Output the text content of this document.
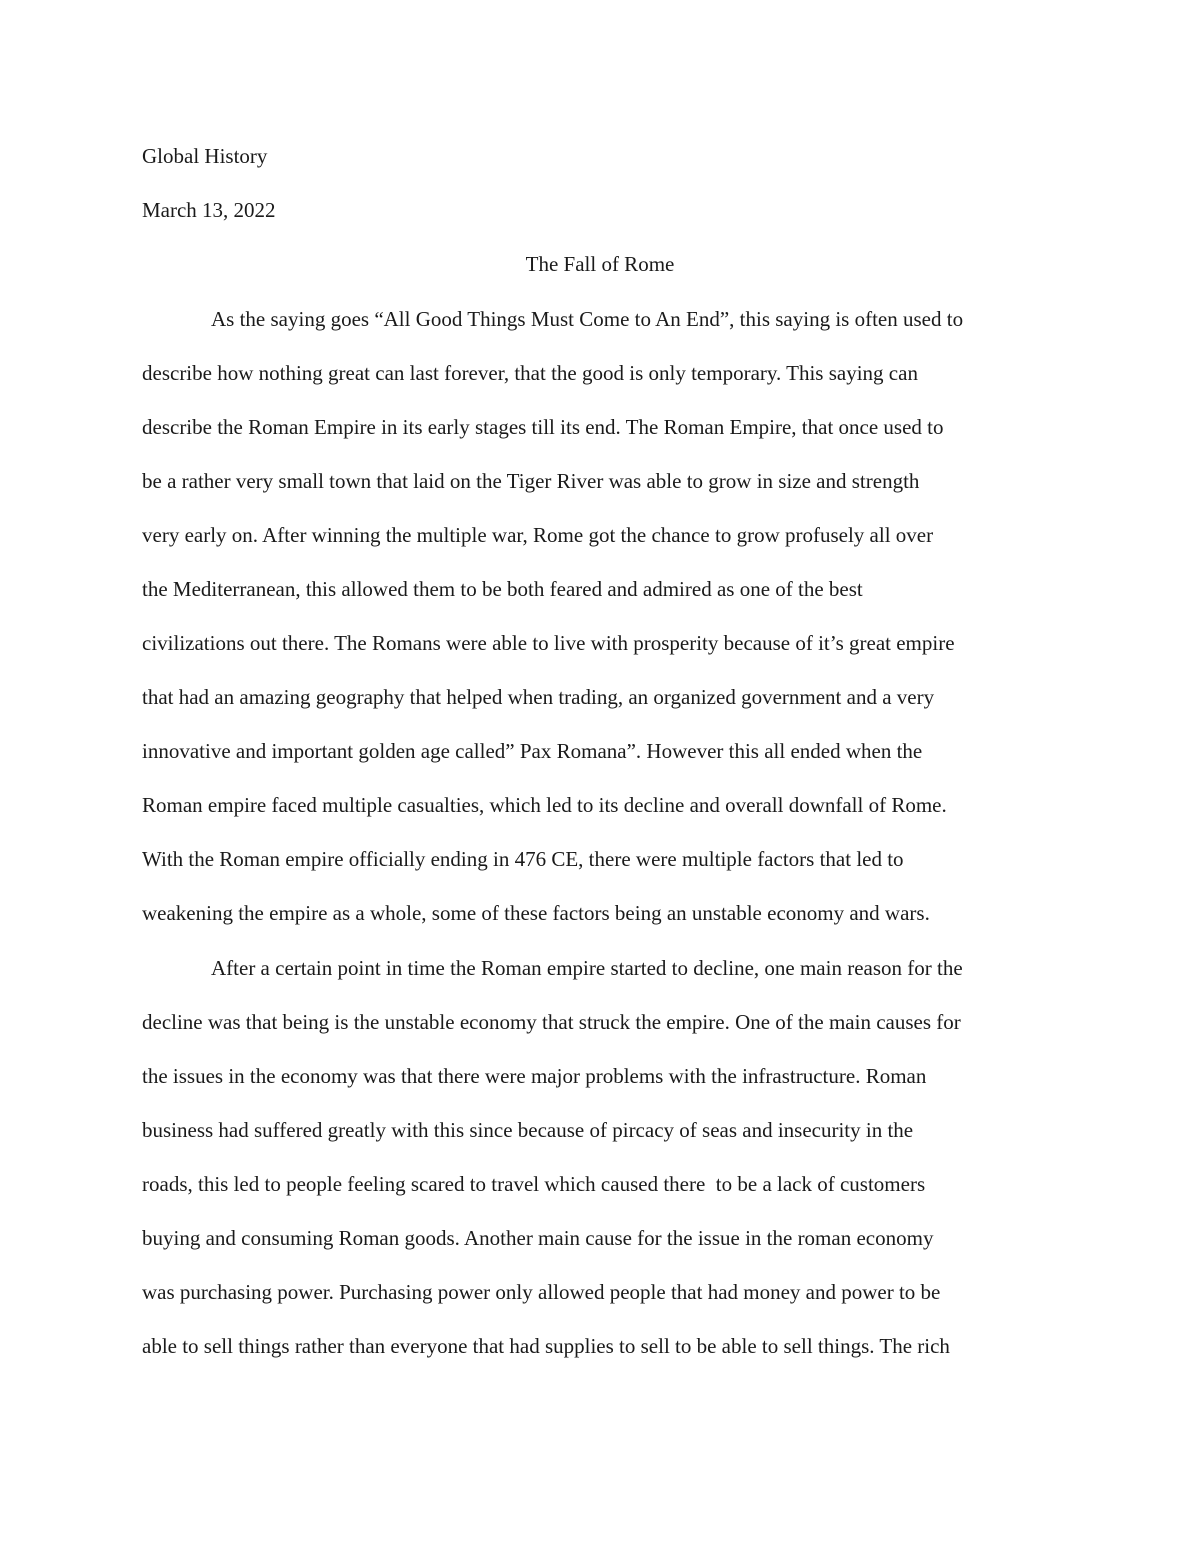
Global History
March 13, 2022
The Fall of Rome
As the saying goes “All Good Things Must Come to An End”, this saying is often used to
describe how nothing great can last forever, that the good is only temporary. This saying can
describe the Roman Empire in its early stages till its end. The Roman Empire, that once used to
be a rather very small town that laid on the Tiger River was able to grow in size and strength
very early on. After winning the multiple war, Rome got the chance to grow profusely all over
the Mediterranean, this allowed them to be both feared and admired as one of the best
civilizations out there. The Romans were able to live with prosperity because of it’s great empire
that had an amazing geography that helped when trading, an organized government and a very
innovative and important golden age called” Pax Romana”. However this all ended when the
Roman empire faced multiple casualties, which led to its decline and overall downfall of Rome.
With the Roman empire officially ending in 476 CE, there were multiple factors that led to
weakening the empire as a whole, some of these factors being an unstable economy and wars.
After a certain point in time the Roman empire started to decline, one main reason for the
decline was that being is the unstable economy that struck the empire. One of the main causes for
the issues in the economy was that there were major problems with the infrastructure. Roman
business had suffered greatly with this since because of pircacy of seas and insecurity in the
roads, this led to people feeling scared to travel which caused there  to be a lack of customers
buying and consuming Roman goods. Another main cause for the issue in the roman economy
was purchasing power. Purchasing power only allowed people that had money and power to be
able to sell things rather than everyone that had supplies to sell to be able to sell things. The rich
